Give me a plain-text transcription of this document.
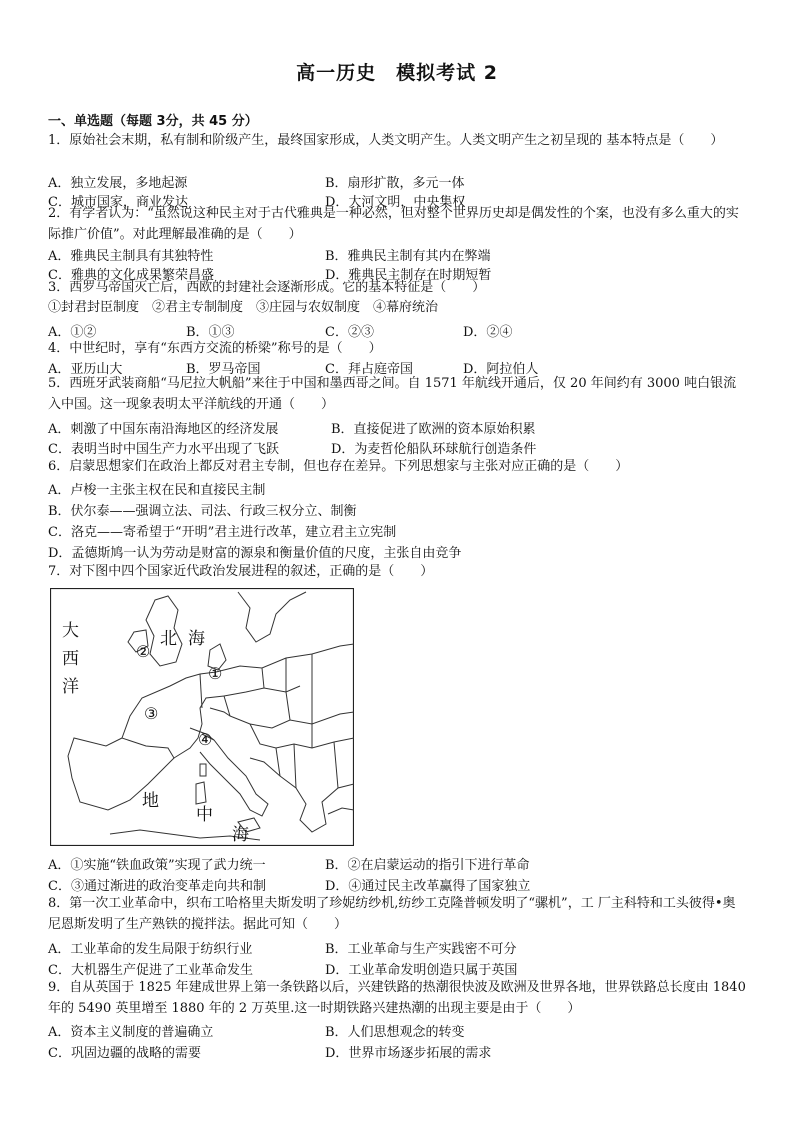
高一历史　模拟考试 2
一、单选题（每题 3分，共 45 分）
1．原始社会末期，私有制和阶级产生，最终国家形成，人类文明产生。人类文明产生之初呈现的 基本特点是（　　）
A．独立发展，多地起源	B．扇形扩散，多元一体
C．城市国家，商业发达	D．大河文明，中央集权
2．有学者认为：“虽然说这种民主对于古代雅典是一种必然，但对整个世界历史却是偶发性的个案，也没有多么重大的实际推广价值”。对此理解最准确的是（　　）
A．雅典民主制具有其独特性	B．雅典民主制有其内在弊端
C．雅典的文化成果繁荣昌盛	D．雅典民主制存在时期短暂
3．西罗马帝国灭亡后，西欧的封建社会逐渐形成。它的基本特征是（　　）
①封君封臣制度　②君主专制制度　③庄园与农奴制度　④幕府统治
A．①②	B．①③	C．②③	D．②④
4．中世纪时，享有“东西方交流的桥梁”称号的是（　　）
A．亚历山大	B．罗马帝国	C．拜占庭帝国	D．阿拉伯人
5．西班牙武装商船“马尼拉大帆船”来往于中国和墨西哥之间。自 1571 年航线开通后，仅 20 年间约有 3000 吨白银流入中国。这一现象表明太平洋航线的开通（　　）
A．刺激了中国东南沿海地区的经济发展	B．直接促进了欧洲的资本原始积累
C．表明当时中国生产力水平出现了飞跃	D．为麦哲伦船队环球航行创造条件
6．启蒙思想家们在政治上都反对君主专制，但也存在差异。下列思想家与主张对应正确的是（　　）
A．卢梭一主张主权在民和直接民主制
B．伏尔泰——强调立法、司法、行政三权分立、制衡
C．洛克——寄希望于“开明”君主进行改革，建立君主立宪制
D．孟德斯鸠一认为劳动是财富的源泉和衡量价值的尺度，主张自由竞争
7．对下图中四个国家近代政治发展进程的叙述，正确的是（　　）
大
西
洋
北 海
地
中
海
②
①
③
④
A．①实施“铁血政策”实现了武力统一	B．②在启蒙运动的指引下进行革命
C．③通过渐进的政治变革走向共和制	D．④通过民主改革赢得了国家独立
8．第一次工业革命中，织布工哈格里夫斯发明了珍妮纺纱机,纺纱工克隆普顿发明了“骡机”，工 厂主科特和工头彼得•奥尼恩斯发明了生产熟铁的搅拌法。据此可知（　　）
A．工业革命的发生局限于纺织行业	B．工业革命与生产实践密不可分
C．大机器生产促进了工业革命发生	D．工业革命发明创造只属于英国
9．自从英国于 1825 年建成世界上第一条铁路以后，兴建铁路的热潮很快波及欧洲及世界各地，世界铁路总长度由 1840 年的 5490 英里增至 1880 年的 2 万英里.这一时期铁路兴建热潮的出现主要是由于（　　）
A．资本主义制度的普遍确立	B．人们思想观念的转变
C．巩固边疆的战略的需要	D．世界市场逐步拓展的需求
